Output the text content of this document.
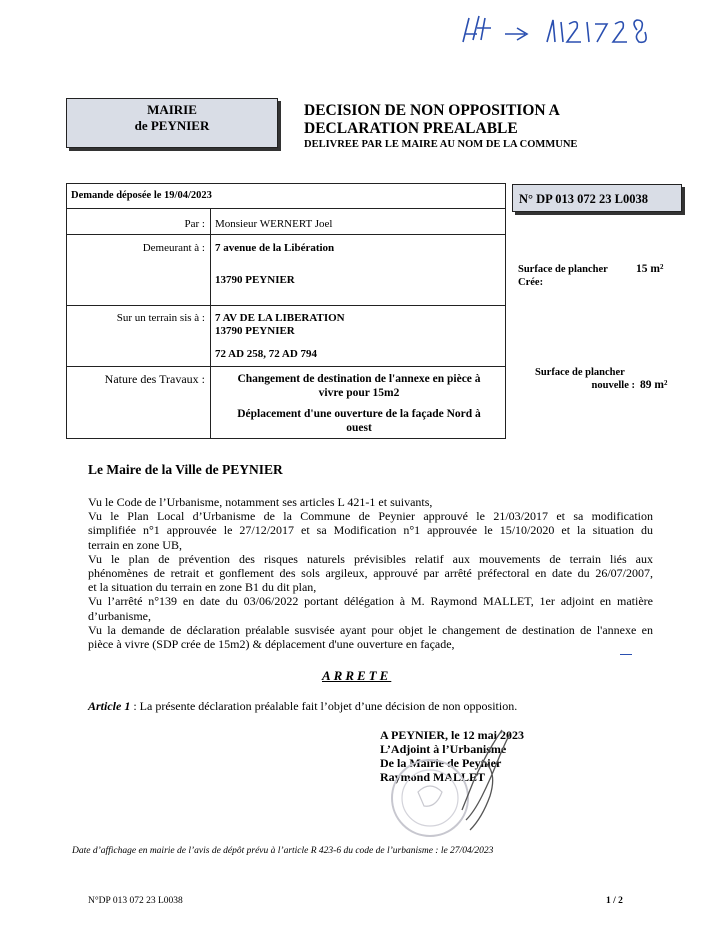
MAIRIE
de PEYNIER
DECISION DE NON OPPOSITION A
DECLARATION PREALABLE
DELIVREE PAR LE MAIRE AU NOM DE LA COMMUNE
Demande déposée le 19/04/2023
Par : Monsieur WERNERT Joel
Demeurant à : 7 avenue de la Libération
13790 PEYNIER
Sur un terrain sis à : 7 AV DE LA LIBERATION
13790 PEYNIER
72 AD 258, 72 AD 794
Nature des Travaux :	Changement de destination de l'annexe en pièce à
vivre pour 15m2
Déplacement d'une ouverture de la façade Nord à
ouest
N° DP 013 072 23 L0038
Surface de plancher
Crée:
15 m²
Surface de plancher
nouvelle : 89 m²
Le Maire de la Ville de PEYNIER
Vu le Code de l’Urbanisme, notamment ses articles L 421-1 et suivants,
Vu le Plan Local d’Urbanisme de la Commune de Peynier approuvé le 21/03/2017 et sa modification
simplifiée n°1 approuvée le 27/12/2017 et sa Modification n°1 approuvée le 15/10/2020 et la situation du
terrain en zone UB,
Vu le plan de prévention des risques naturels prévisibles relatif aux mouvements de terrain liés aux
phénomènes de retrait et gonflement des sols argileux, approuvé par arrêté préfectoral en date du 26/07/2007,
et la situation du terrain en zone B1 du dit plan,
Vu l’arrêté n°139 en date du 03/06/2022 portant délégation à M. Raymond MALLET, 1er adjoint en matière
d’urbanisme,
Vu la demande de déclaration préalable susvisée ayant pour objet le changement de destination de l'annexe en
pièce à vivre (SDP crée de 15m2) & déplacement d'une ouverture en façade,
ARRETE
Article 1 : La présente déclaration préalable fait l’objet d’une décision de non opposition.
A PEYNIER, le 12 mai 2023
L’Adjoint à l’Urbanisme
De la Mairie de Peynier
Raymond MALLET
Date d’affichage en mairie de l’avis de dépôt prévu à l’article R 423-6 du code de l’urbanisme : le 27/04/2023
N°DP 013 072 23 L0038	1 / 2
